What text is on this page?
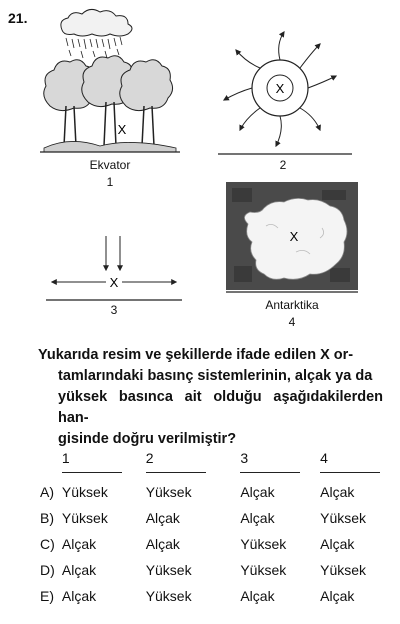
21.
X
Ekvator
1
X
2
X
3
X
Antarktika
4
Yukarıda resim ve şekillerde ifade edilen X or-
tamlarındaki basınç sistemlerinin, alçak ya da
yüksek basınca ait olduğu aşağıdakilerden han-
gisinde doğru verilmiştir?
	1	2	3	4
A)	Yüksek	Yüksek	Alçak	Alçak
B)	Yüksek	Alçak	Alçak	Yüksek
C)	Alçak	Alçak	Yüksek	Alçak
D)	Alçak	Yüksek	Yüksek	Yüksek
E)	Alçak	Yüksek	Alçak	Alçak
